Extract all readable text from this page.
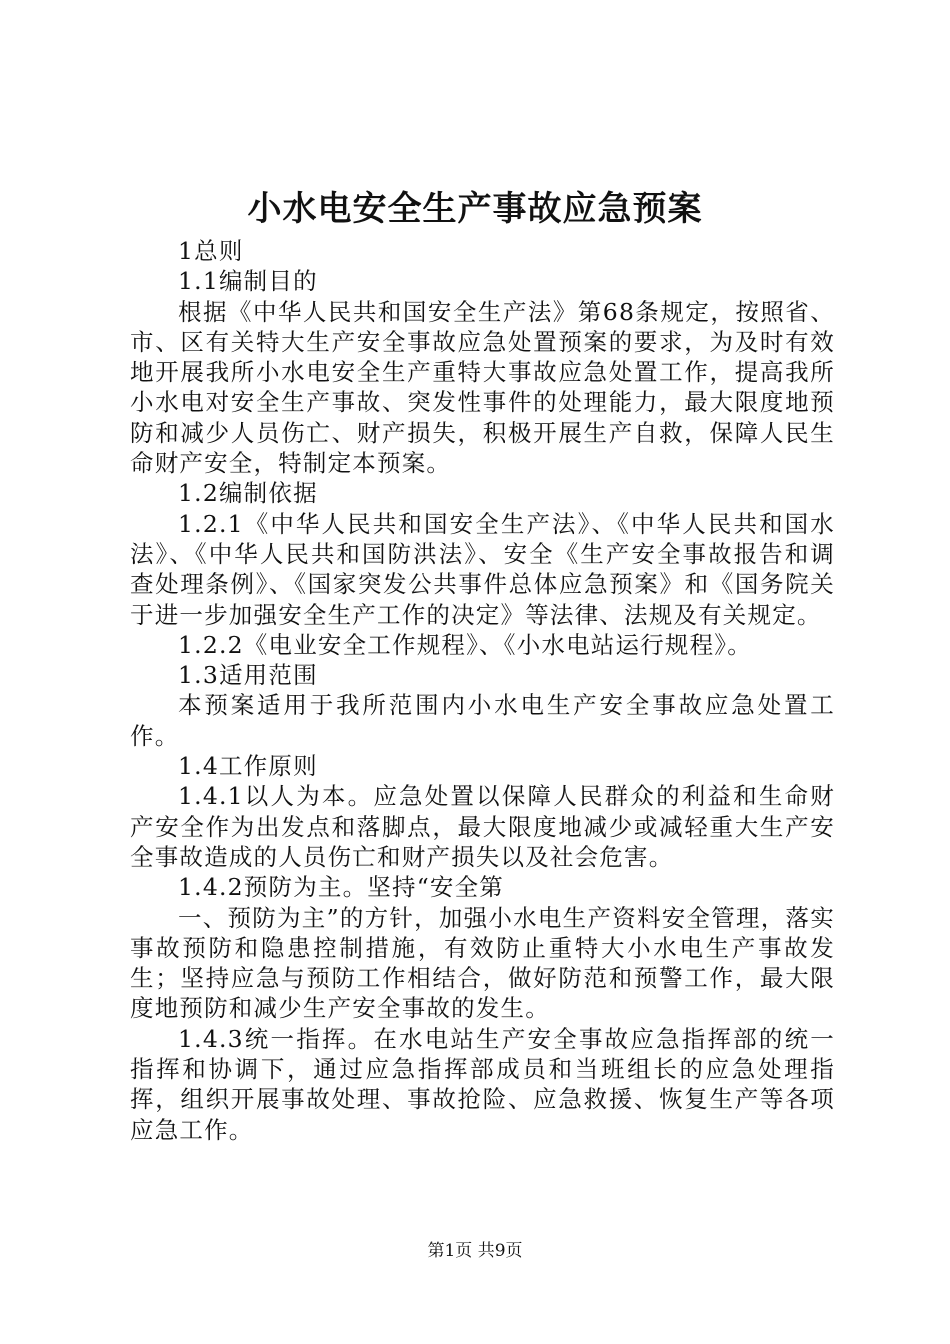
小水电安全生产事故应急预案

1总则

1.1编制目的

根据《中华人民共和国安全生产法》第68条规定，按照省、市、区有关特大生产安全事故应急处置预案的要求，为及时有效地开展我所小水电安全生产重特大事故应急处置工作，提高我所小水电对安全生产事故、突发性事件的处理能力，最大限度地预防和减少人员伤亡、财产损失，积极开展生产自救，保障人民生命财产安全，特制定本预案。

1.2编制依据

1.2.1《中华人民共和国安全生产法》、《中华人民共和国水法》、《中华人民共和国防洪法》、安全《生产安全事故报告和调查处理条例》、《国家突发公共事件总体应急预案》和《国务院关于进一步加强安全生产工作的决定》等法律、法规及有关规定。

1.2.2《电业安全工作规程》、《小水电站运行规程》。

1.3适用范围

本预案适用于我所范围内小水电生产安全事故应急处置工作。

1.4工作原则

1.4.1以人为本。应急处置以保障人民群众的利益和生命财产安全作为出发点和落脚点，最大限度地减少或减轻重大生产安全事故造成的人员伤亡和财产损失以及社会危害。

1.4.2预防为主。坚持“安全第

一、预防为主”的方针，加强小水电生产资料安全管理，落实事故预防和隐患控制措施，有效防止重特大小水电生产事故发生；坚持应急与预防工作相结合，做好防范和预警工作，最大限度地预防和减少生产安全事故的发生。

1.4.3统一指挥。在水电站生产安全事故应急指挥部的统一指挥和协调下，通过应急指挥部成员和当班组长的应急处理指挥，组织开展事故处理、事故抢险、应急救援、恢复生产等各项应急工作。

第1页 共9页
